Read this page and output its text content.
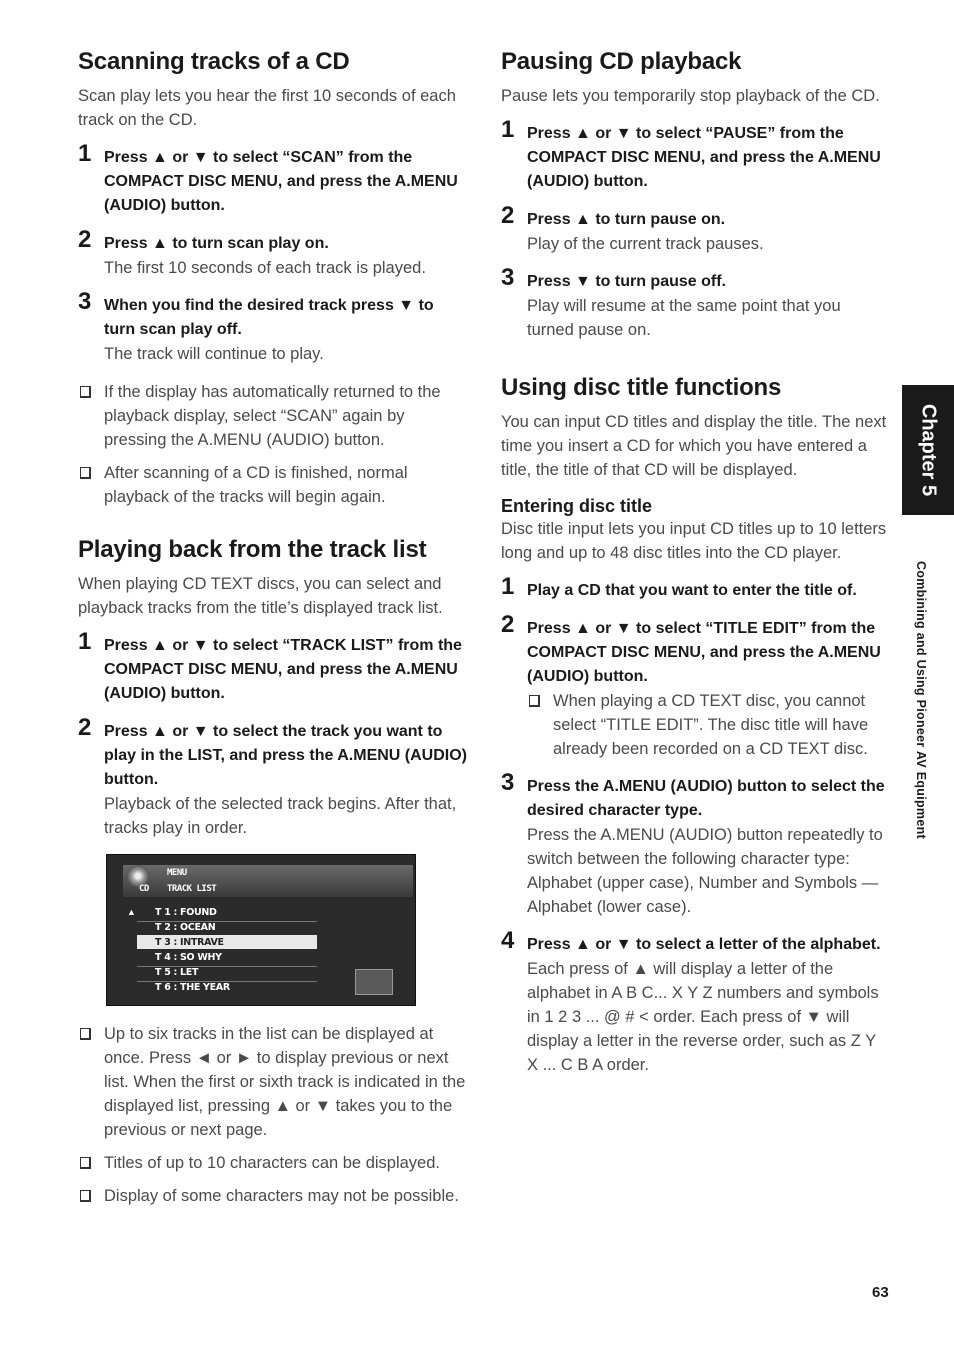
Scanning tracks of a CD

Scan play lets you hear the first 10 seconds of each track on the CD.

1 Press ▲ or ▼ to select “SCAN” from the COMPACT DISC MENU, and press the A.MENU (AUDIO) button.
2 Press ▲ to turn scan play on.
The first 10 seconds of each track is played.
3 When you find the desired track press ▼ to turn scan play off.
The track will continue to play.
If the display has automatically returned to the playback display, select “SCAN” again by pressing the A.MENU (AUDIO) button.
After scanning of a CD is finished, normal playback of the tracks will begin again.
Playing back from the track list

When playing CD TEXT discs, you can select and playback tracks from the title’s displayed track list.

1 Press ▲ or ▼ to select “TRACK LIST” from the COMPACT DISC MENU, and press the A.MENU (AUDIO) button.
2 Press ▲ or ▼ to select the track you want to play in the LIST, and press the A.MENU (AUDIO) button.
Playback of the selected track begins. After that, tracks play in order.
MENU
CD TRACK LIST
▲ T 1 : FOUND
T 2 : OCEAN
T 3 : INTRAVE
T 4 : SO WHY
T 5 : LET
T 6 : THE YEAR
Up to six tracks in the list can be displayed at once. Press ◄ or ► to display previous or next list. When the first or sixth track is indicated in the displayed list, pressing ▲ or ▼ takes you to the previous or next page.
Titles of up to 10 characters can be displayed.
Display of some characters may not be possible.
Pausing CD playback

Pause lets you temporarily stop playback of the CD.

1 Press ▲ or ▼ to select “PAUSE” from the COMPACT DISC MENU, and press the A.MENU (AUDIO) button.
2 Press ▲ to turn pause on.
Play of the current track pauses.
3 Press ▼ to turn pause off.
Play will resume at the same point that you turned pause on.
Using disc title functions

You can input CD titles and display the title. The next time you insert a CD for which you have entered a title, the title of that CD will be displayed.

Entering disc title

Disc title input lets you input CD titles up to 10 letters long and up to 48 disc titles into the CD player.

1 Play a CD that you want to enter the title of.
2 Press ▲ or ▼ to select “TITLE EDIT” from the COMPACT DISC MENU, and press the A.MENU (AUDIO) button.
When playing a CD TEXT disc, you cannot select “TITLE EDIT”. The disc title will have already been recorded on a CD TEXT disc.
3 Press the A.MENU (AUDIO) button to select the desired character type.
Press the A.MENU (AUDIO) button repeatedly to switch between the following character type:
Alphabet (upper case), Number and Symbols — Alphabet (lower case).
4 Press ▲ or ▼ to select a letter of the alphabet.
Each press of ▲ will display a letter of the alphabet in A B C... X Y Z numbers and symbols in 1 2 3 ... @ # < order. Each press of ▼ will display a letter in the reverse order, such as Z Y X ... C B A order.
Chapter 5
Combining and Using Pioneer AV Equipment
63
